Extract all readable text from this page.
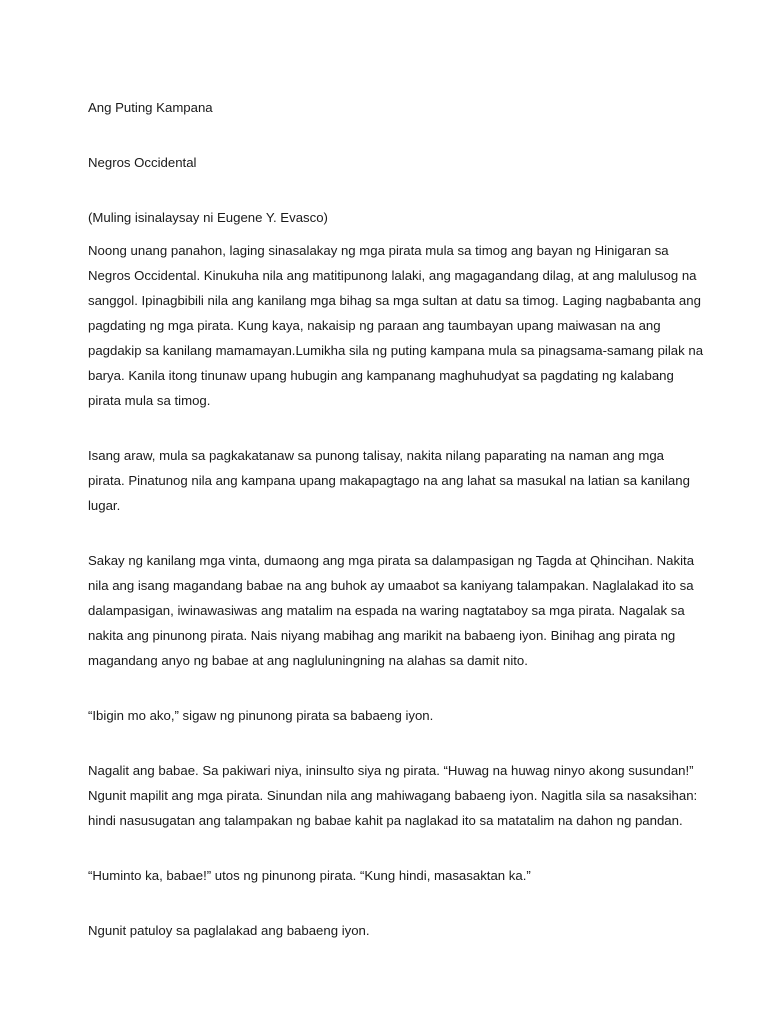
Ang Puting Kampana

Negros Occidental

(Muling isinalaysay ni Eugene Y. Evasco)

Noong unang panahon, laging sinasalakay ng mga pirata mula sa timog ang bayan ng Hinigaran sa
Negros Occidental. Kinukuha nila ang matitipunong lalaki, ang magagandang dilag, at ang malulusog na
sanggol. Ipinagbibili nila ang kanilang mga bihag sa mga sultan at datu sa timog. Laging nagbabanta ang
pagdating ng mga pirata. Kung kaya, nakaisip ng paraan ang taumbayan upang maiwasan na ang
pagdakip sa kanilang mamamayan.Lumikha sila ng puting kampana mula sa pinagsama-samang pilak na
barya. Kanila itong tinunaw upang hubugin ang kampanang maghuhudyat sa pagdating ng kalabang
pirata mula sa timog.
Isang araw, mula sa pagkakatanaw sa punong talisay, nakita nilang paparating na naman ang mga
pirata. Pinatunog nila ang kampana upang makapagtago na ang lahat sa masukal na latian sa kanilang
lugar.
Sakay ng kanilang mga vinta, dumaong ang mga pirata sa dalampasigan ng Tagda at Qhincihan. Nakita
nila ang isang magandang babae na ang buhok ay umaabot sa kaniyang talampakan. Naglalakad ito sa
dalampasigan, iwinawasiwas ang matalim na espada na waring nagtataboy sa mga pirata. Nagalak sa
nakita ang pinunong pirata. Nais niyang mabihag ang marikit na babaeng iyon. Binihag ang pirata ng
magandang anyo ng babae at ang nagluluningning na alahas sa damit nito.
“Ibigin mo ako,” sigaw ng pinunong pirata sa babaeng iyon.
Nagalit ang babae. Sa pakiwari niya, ininsulto siya ng pirata. “Huwag na huwag ninyo akong susundan!”
Ngunit mapilit ang mga pirata. Sinundan nila ang mahiwagang babaeng iyon. Nagitla sila sa nasaksihan:
hindi nasusugatan ang talampakan ng babae kahit pa naglakad ito sa matatalim na dahon ng pandan.
“Huminto ka, babae!” utos ng pinunong pirata. “Kung hindi, masasaktan ka.”
Ngunit patuloy sa paglalakad ang babaeng iyon.
